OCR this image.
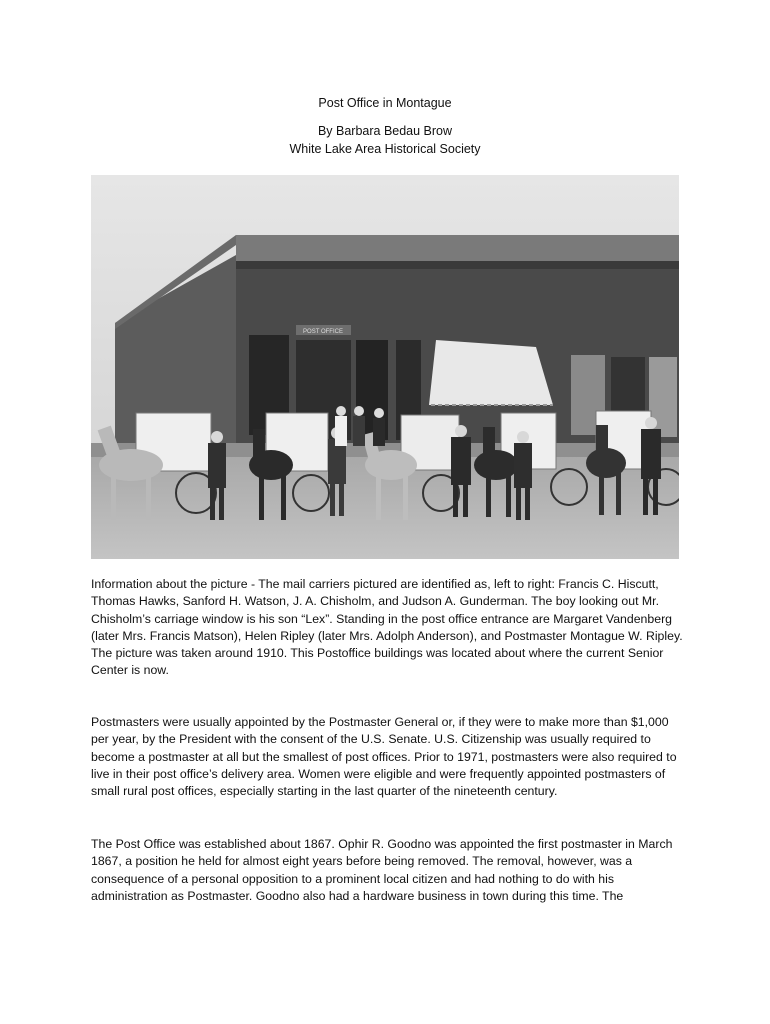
Post Office in Montague
By Barbara Bedau Brow
White Lake Area Historical Society
POST OFFICE

Information about the picture - The mail carriers pictured are identified as, left to right: Francis C. Hiscutt, Thomas Hawks, Sanford H. Watson, J. A. Chisholm, and Judson A. Gunderman. The boy looking out Mr. Chisholm’s carriage window is his son “Lex”. Standing in the post office entrance are Margaret Vandenberg (later Mrs. Francis Matson), Helen Ripley (later Mrs. Adolph Anderson), and Postmaster Montague W. Ripley. The picture was taken around 1910. This Postoffice buildings was located about where the current Senior Center is now.

Postmasters were usually appointed by the Postmaster General or, if they were to make more than $1,000 per year, by the President with the consent of the U.S. Senate. U.S. Citizenship was usually required to become a postmaster at all but the smallest of post offices. Prior to 1971, postmasters were also required to live in their post office’s delivery area. Women were eligible and were frequently appointed postmasters of small rural post offices, especially starting in the last quarter of the nineteenth century.

The Post Office was established about 1867. Ophir R. Goodno was appointed the first postmaster in March 1867, a position he held for almost eight years before being removed. The removal, however, was a consequence of a personal opposition to a prominent local citizen and had nothing to do with his administration as Postmaster. Goodno also had a hardware business in town during this time. The
